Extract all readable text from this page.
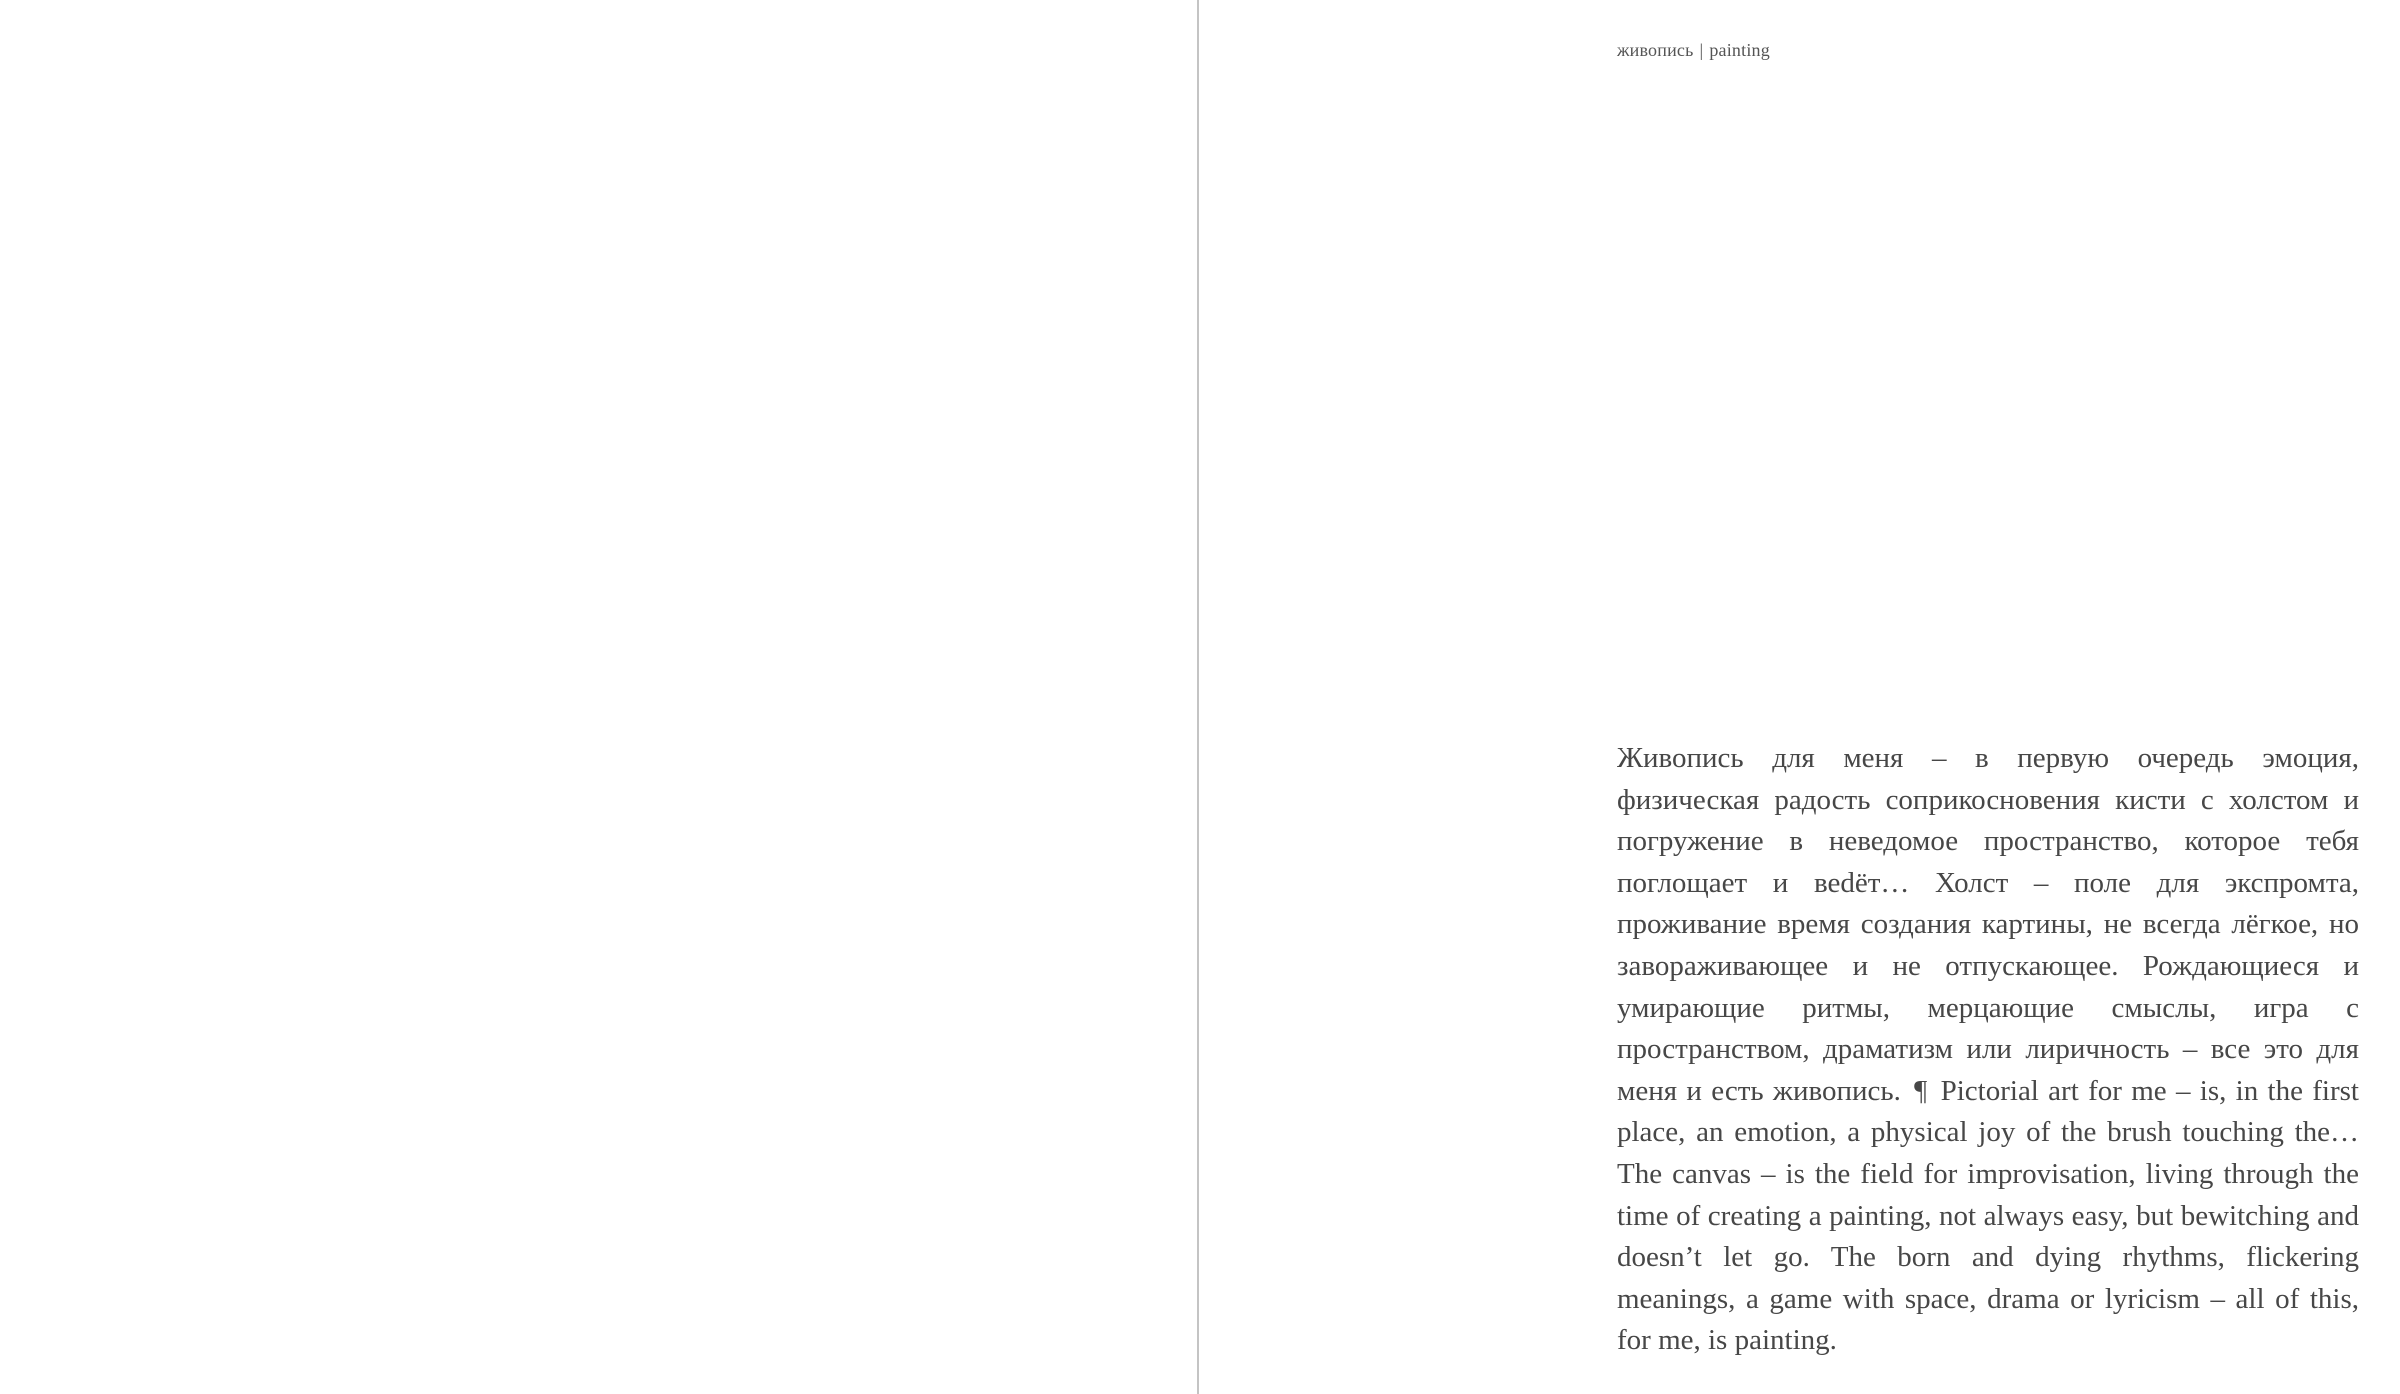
живопись | painting

Живопись для меня – в первую очередь эмоция, физическая радость соприкосновения кисти с холстом и погружение в неведомое пространство, которое тебя поглощает и веdёт… Холст – поле для экспромта, проживание время создания картины, не всегда лёгкое, но завораживающее и не отпускающее. Рождающиеся и умирающие ритмы, мерцающие смыслы, игра с пространством, драматизм или лиричность – все это для меня и есть живопись. ¶ Pictorial art for me – is, in the first place, an emotion, a physical joy of the brush touching the… The canvas – is the field for improvisation, living through the time of creating a painting, not always easy, but bewitching and doesn’t let go. The born and dying rhythms, flickering meanings, a game with space, drama or lyricism – all of this, for me, is painting.
